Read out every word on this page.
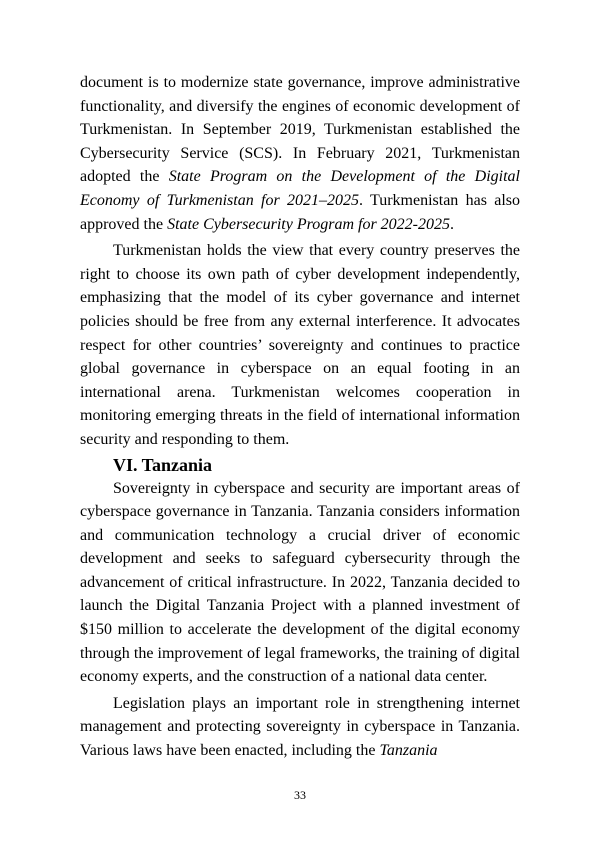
document is to modernize state governance, improve administrative functionality, and diversify the engines of economic development of Turkmenistan. In September 2019, Turkmenistan established the Cybersecurity Service (SCS). In February 2021, Turkmenistan adopted the State Program on the Development of the Digital Economy of Turkmenistan for 2021–2025. Turkmenistan has also approved the State Cybersecurity Program for 2022-2025.

Turkmenistan holds the view that every country preserves the right to choose its own path of cyber development independently, emphasizing that the model of its cyber governance and internet policies should be free from any external interference. It advocates respect for other countries’ sovereignty and continues to practice global governance in cyberspace on an equal footing in an international arena. Turkmenistan welcomes cooperation in monitoring emerging threats in the field of international information security and responding to them.

VI. Tanzania

Sovereignty in cyberspace and security are important areas of cyberspace governance in Tanzania. Tanzania considers information and communication technology a crucial driver of economic development and seeks to safeguard cybersecurity through the advancement of critical infrastructure. In 2022, Tanzania decided to launch the Digital Tanzania Project with a planned investment of $150 million to accelerate the development of the digital economy through the improvement of legal frameworks, the training of digital economy experts, and the construction of a national data center.

Legislation plays an important role in strengthening internet management and protecting sovereignty in cyberspace in Tanzania. Various laws have been enacted, including the Tanzania

33
